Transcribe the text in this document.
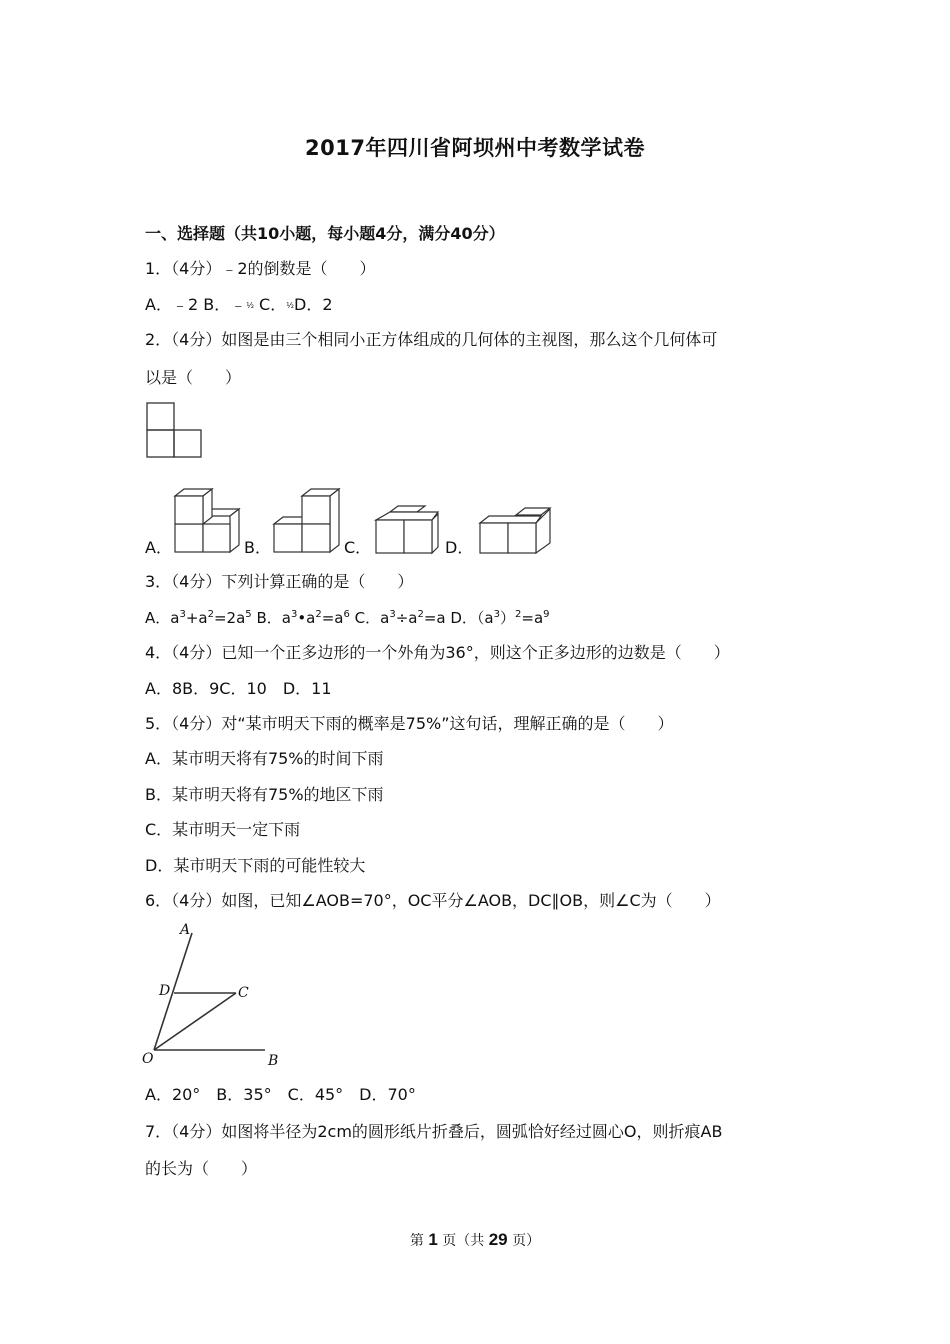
2017年四川省阿坝州中考数学试卷
一、选择题（共10小题，每小题4分，满分40分）
1．（4分）﹣2的倒数是（　　）
A．﹣2 B．﹣½ C．½D．2
2．（4分）如图是由三个相同小正方体组成的几何体的主视图，那么这个几何体可
以是（　　）
A．	B．	C．	D．
3．（4分）下列计算正确的是（　　）
A．$a^3+a^2=2a^5$ B．$a^3•a^2=a^6$ C．$a^3\div a^2=a$ D．$(a^3)^2=a^9$
4．（4分）已知一个正多边形的一个外角为36°，则这个正多边形的边数是（　　）
A．8B．9C．10　D．11
5．（4分）对“某市明天下雨的概率是75%”这句话，理解正确的是（　　）
A．某市明天将有75%的时间下雨
B．某市明天将有75%的地区下雨
C．某市明天一定下雨
D．某市明天下雨的可能性较大
6．（4分）如图，已知∠AOB=70°，OC平分∠AOB，DC∥OB，则∠C为（　　）
A
D	C
O	B
A．20°　B．35°　C．45°　D．70°
7．（4分）如图将半径为2cm的圆形纸片折叠后，圆弧恰好经过圆心O，则折痕AB
的长为（　　）
第 1 页（共 29 页）
